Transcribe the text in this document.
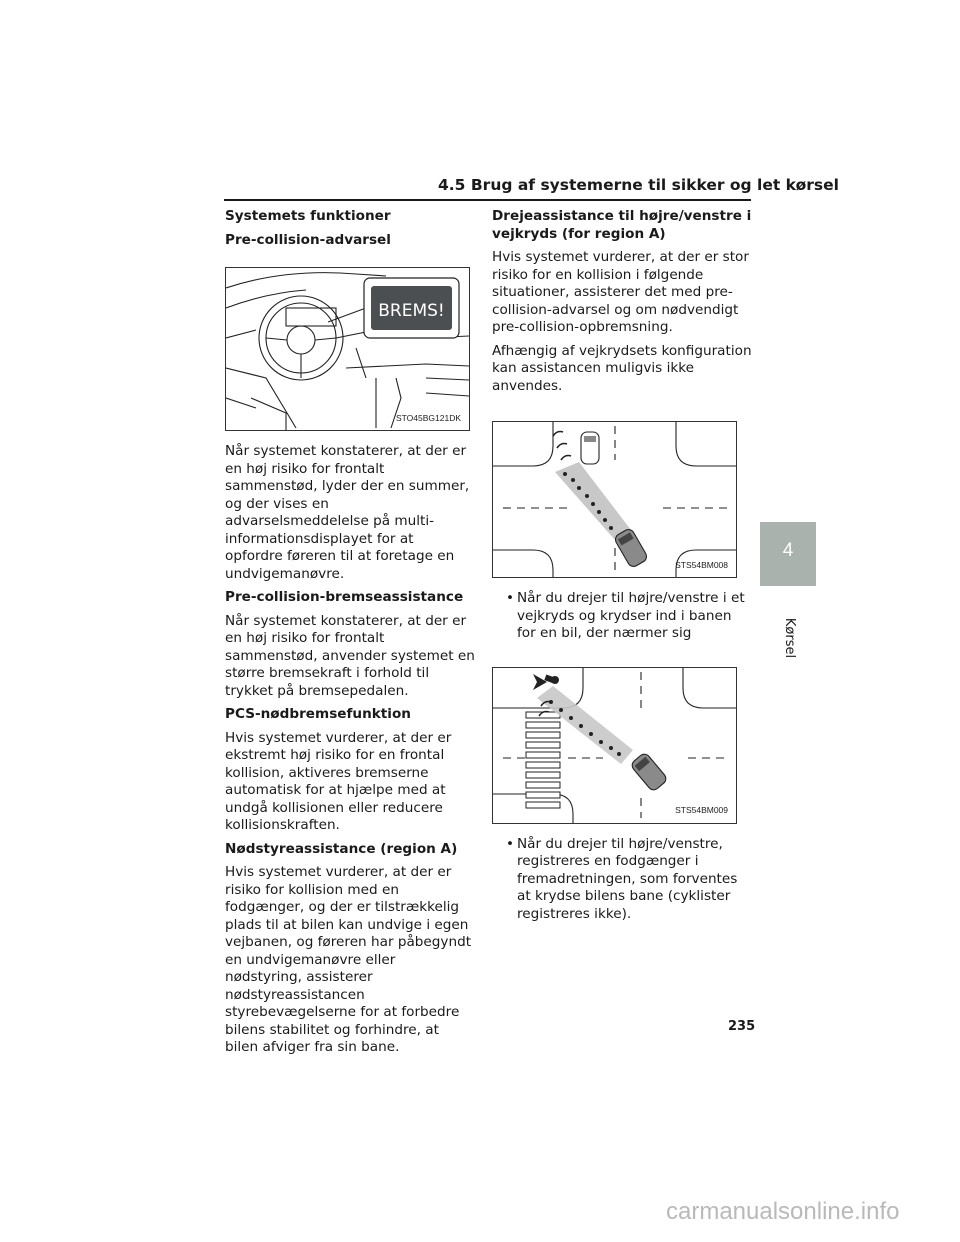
4.5 Brug af systemerne til sikker og let kørsel
Systemets funktioner
Pre-collision-advarsel
BREMS!
STO45BG121DK

Når systemet konstaterer, at der er en høj risiko for frontalt sammenstød, lyder der en summer, og der vises en advarselsmeddelelse på multi-informationsdisplayet for at opfordre føreren til at foretage en undvigemanøvre.

Pre-collision-bremseassistance

Når systemet konstaterer, at der er en høj risiko for frontalt sammenstød, anvender systemet en større bremsekraft i forhold til trykket på bremsepedalen.

PCS-nødbremsefunktion

Hvis systemet vurderer, at der er ekstremt høj risiko for en frontal kollision, aktiveres bremserne automatisk for at hjælpe med at undgå kollisionen eller reducere kollisionskraften.

Nødstyreassistance (region A)

Hvis systemet vurderer, at der er risiko for kollision med en fodgænger, og der er tilstrækkelig plads til at bilen kan undvige i egen vejbanen, og føreren har påbegyndt en undvigemanøvre eller nødstyring, assisterer nødstyreassistancen styrebevægelserne for at forbedre bilens stabilitet og forhindre, at bilen afviger fra sin bane.

Drejeassistance til højre/venstre i vejkryds (for region A)

Hvis systemet vurderer, at der er stor risiko for en kollision i følgende situationer, assisterer det med pre-collision-advarsel og om nødvendigt pre-collision-opbremsning.

Afhængig af vejkrydsets konfiguration kan assistancen muligvis ikke anvendes.

STS54BM008
• Når du drejer til højre/venstre i et vejkryds og krydser ind i banen for en bil, der nærmer sig
STS54BM009
• Når du drejer til højre/venstre, registreres en fodgænger i fremadretningen, som forventes at krydse bilens bane (cyklister registreres ikke).
4
Kørsel
235
carmanualsonline.info
